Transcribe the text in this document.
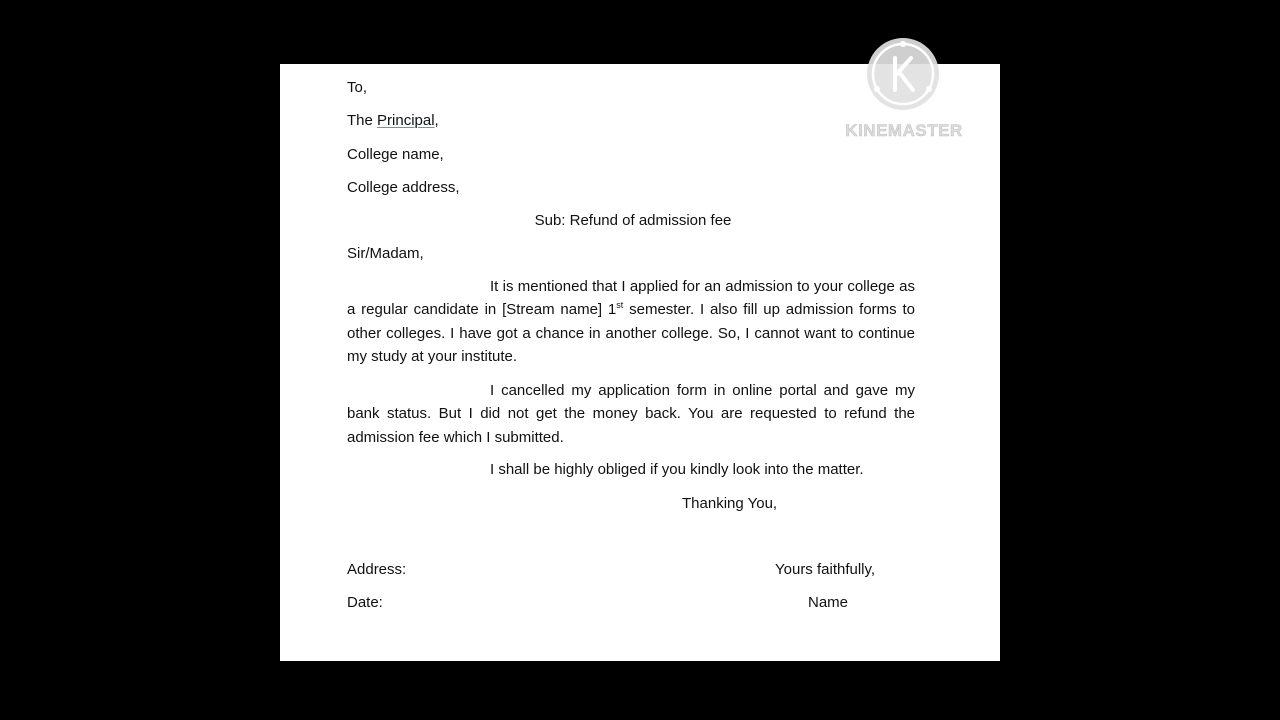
To,
The Principal,
College name,
College address,
Sub: Refund of admission fee
Sir/Madam,
It is mentioned that I applied for an admission to your college as a regular candidate in [Stream name] 1st semester. I also fill up admission forms to other colleges. I have got a chance in another college. So, I cannot want to continue my study at your institute.
I cancelled my application form in online portal and gave my bank status. But I did not get the money back. You are requested to refund the admission fee which I submitted.
I shall be highly obliged if you kindly look into the matter.
Thanking You,
Address:
Date:
Yours faithfully,
Name
KINEMASTER
